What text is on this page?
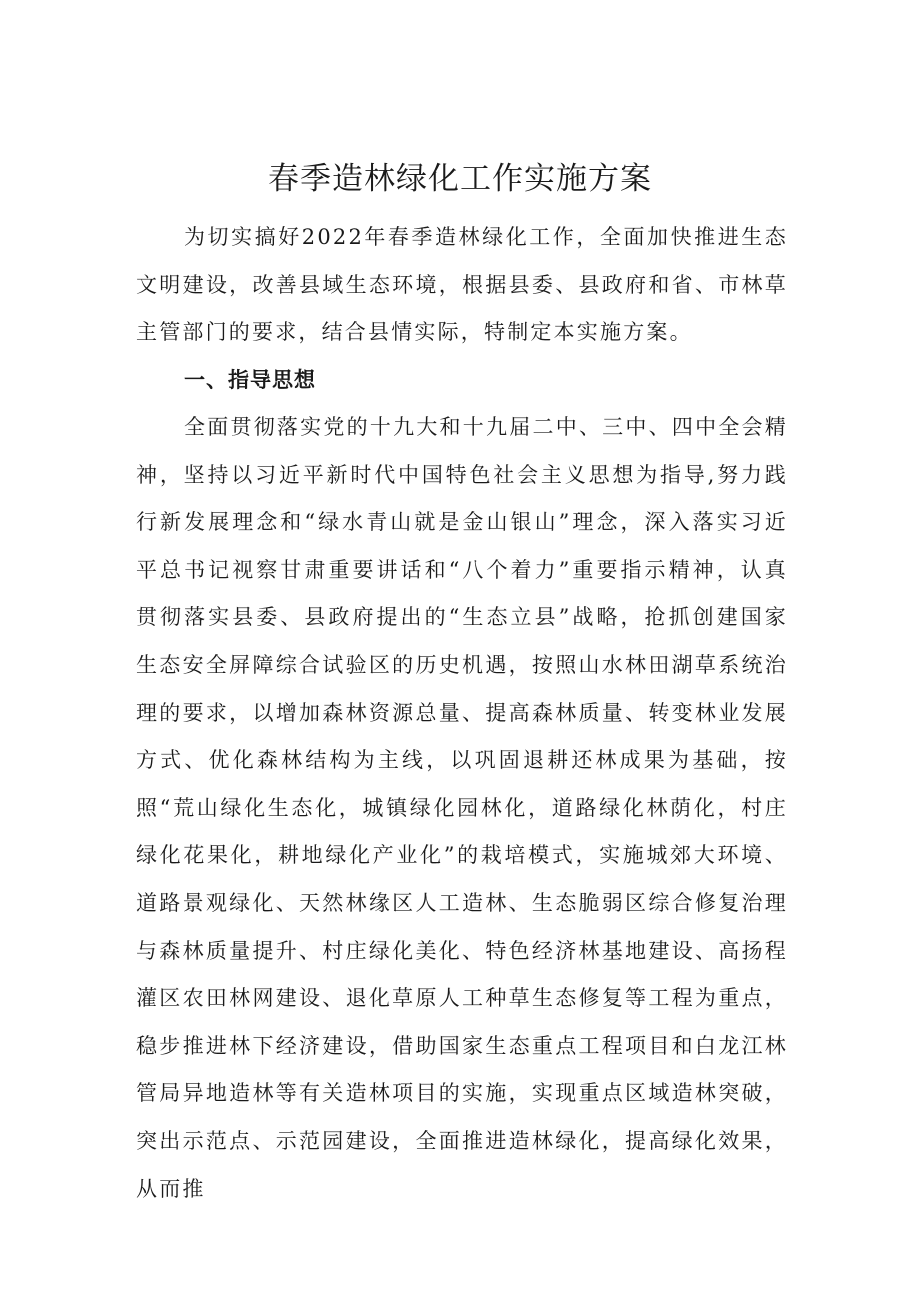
春季造林绿化工作实施方案

为切实搞好2022年春季造林绿化工作，全面加快推进生态文明建设，改善县域生态环境，根据县委、县政府和省、市林草主管部门的要求，结合县情实际，特制定本实施方案。

一、指导思想

全面贯彻落实党的十九大和十九届二中、三中、四中全会精神，坚持以习近平新时代中国特色社会主义思想为指导,努力践行新发展理念和“绿水青山就是金山银山”理念，深入落实习近平总书记视察甘肃重要讲话和“八个着力”重要指示精神，认真贯彻落实县委、县政府提出的“生态立县”战略，抢抓创建国家生态安全屏障综合试验区的历史机遇，按照山水林田湖草系统治理的要求，以增加森林资源总量、提高森林质量、转变林业发展方式、优化森林结构为主线，以巩固退耕还林成果为基础，按照“荒山绿化生态化，城镇绿化园林化，道路绿化林荫化，村庄绿化花果化，耕地绿化产业化”的栽培模式，实施城郊大环境、道路景观绿化、天然林缘区人工造林、生态脆弱区综合修复治理与森林质量提升、村庄绿化美化、特色经济林基地建设、高扬程灌区农田林网建设、退化草原人工种草生态修复等工程为重点，稳步推进林下经济建设，借助国家生态重点工程项目和白龙江林管局异地造林等有关造林项目的实施，实现重点区域造林突破，突出示范点、示范园建设，全面推进造林绿化，提高绿化效果，从而推
